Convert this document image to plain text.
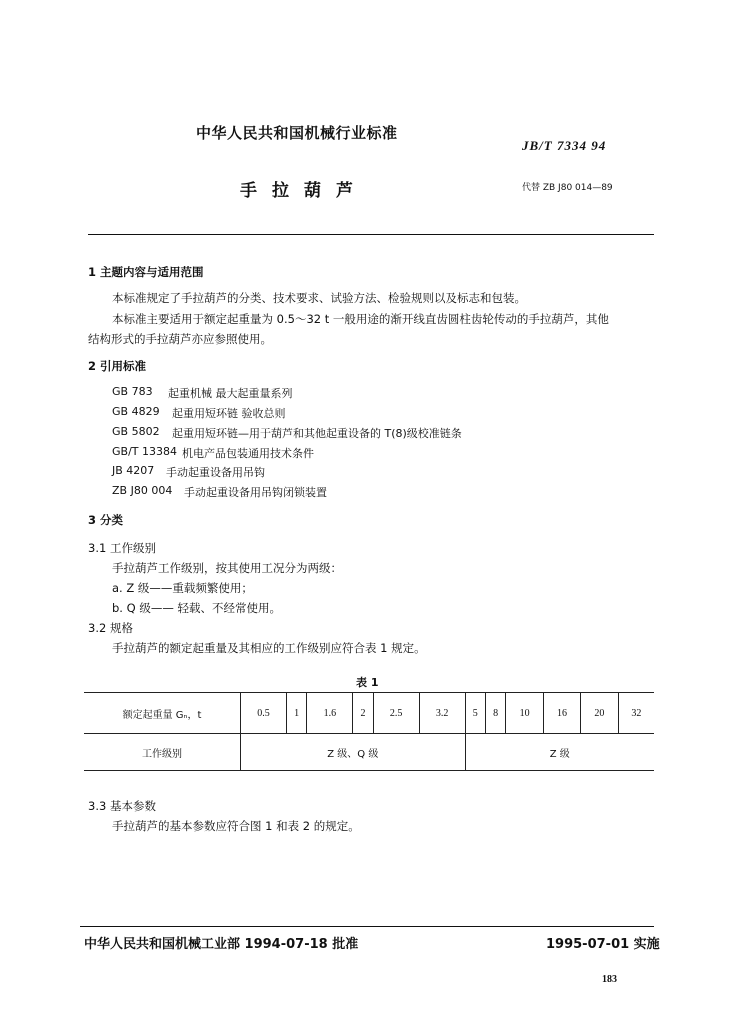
中华人民共和国机械行业标准
JB/T 7334 94
手拉葫芦	代替 ZB J80 014—89
1 主题内容与适用范围
本标准规定了手拉葫芦的分类、技术要求、试验方法、检验规则以及标志和包装。
本标准主要适用于额定起重量为 0.5～32 t 一般用途的渐开线直齿圆柱齿轮传动的手拉葫芦，其他
结构形式的手拉葫芦亦应参照使用。
2 引用标准
GB 783 起重机械 最大起重量系列
GB 4829 起重用短环链 验收总则
GB 5802 起重用短环链—用于葫芦和其他起重设备的 T(8)级校准链条
GB/T 13384 机电产品包装通用技术条件
JB 4207 手动起重设备用吊钩
ZB J80 004 手动起重设备用吊钩闭锁装置
3 分类
3.1 工作级别
手拉葫芦工作级别，按其使用工况分为两级：
a. Z 级——重载频繁使用；
b. Q 级—— 轻载、不经常使用。
3.2 规格
手拉葫芦的额定起重量及其相应的工作级别应符合表 1 规定。
表 1
额定起重量 Gₙ，t	0.5	1	1.6	2	2.5	3.2	5	8	10	16	20	32
工作级别	Z 级、Q 级						Z 级					
3.3 基本参数
手拉葫芦的基本参数应符合图 1 和表 2 的规定。
中华人民共和国机械工业部 1994-07-18 批准	1995-07-01 实施
183
